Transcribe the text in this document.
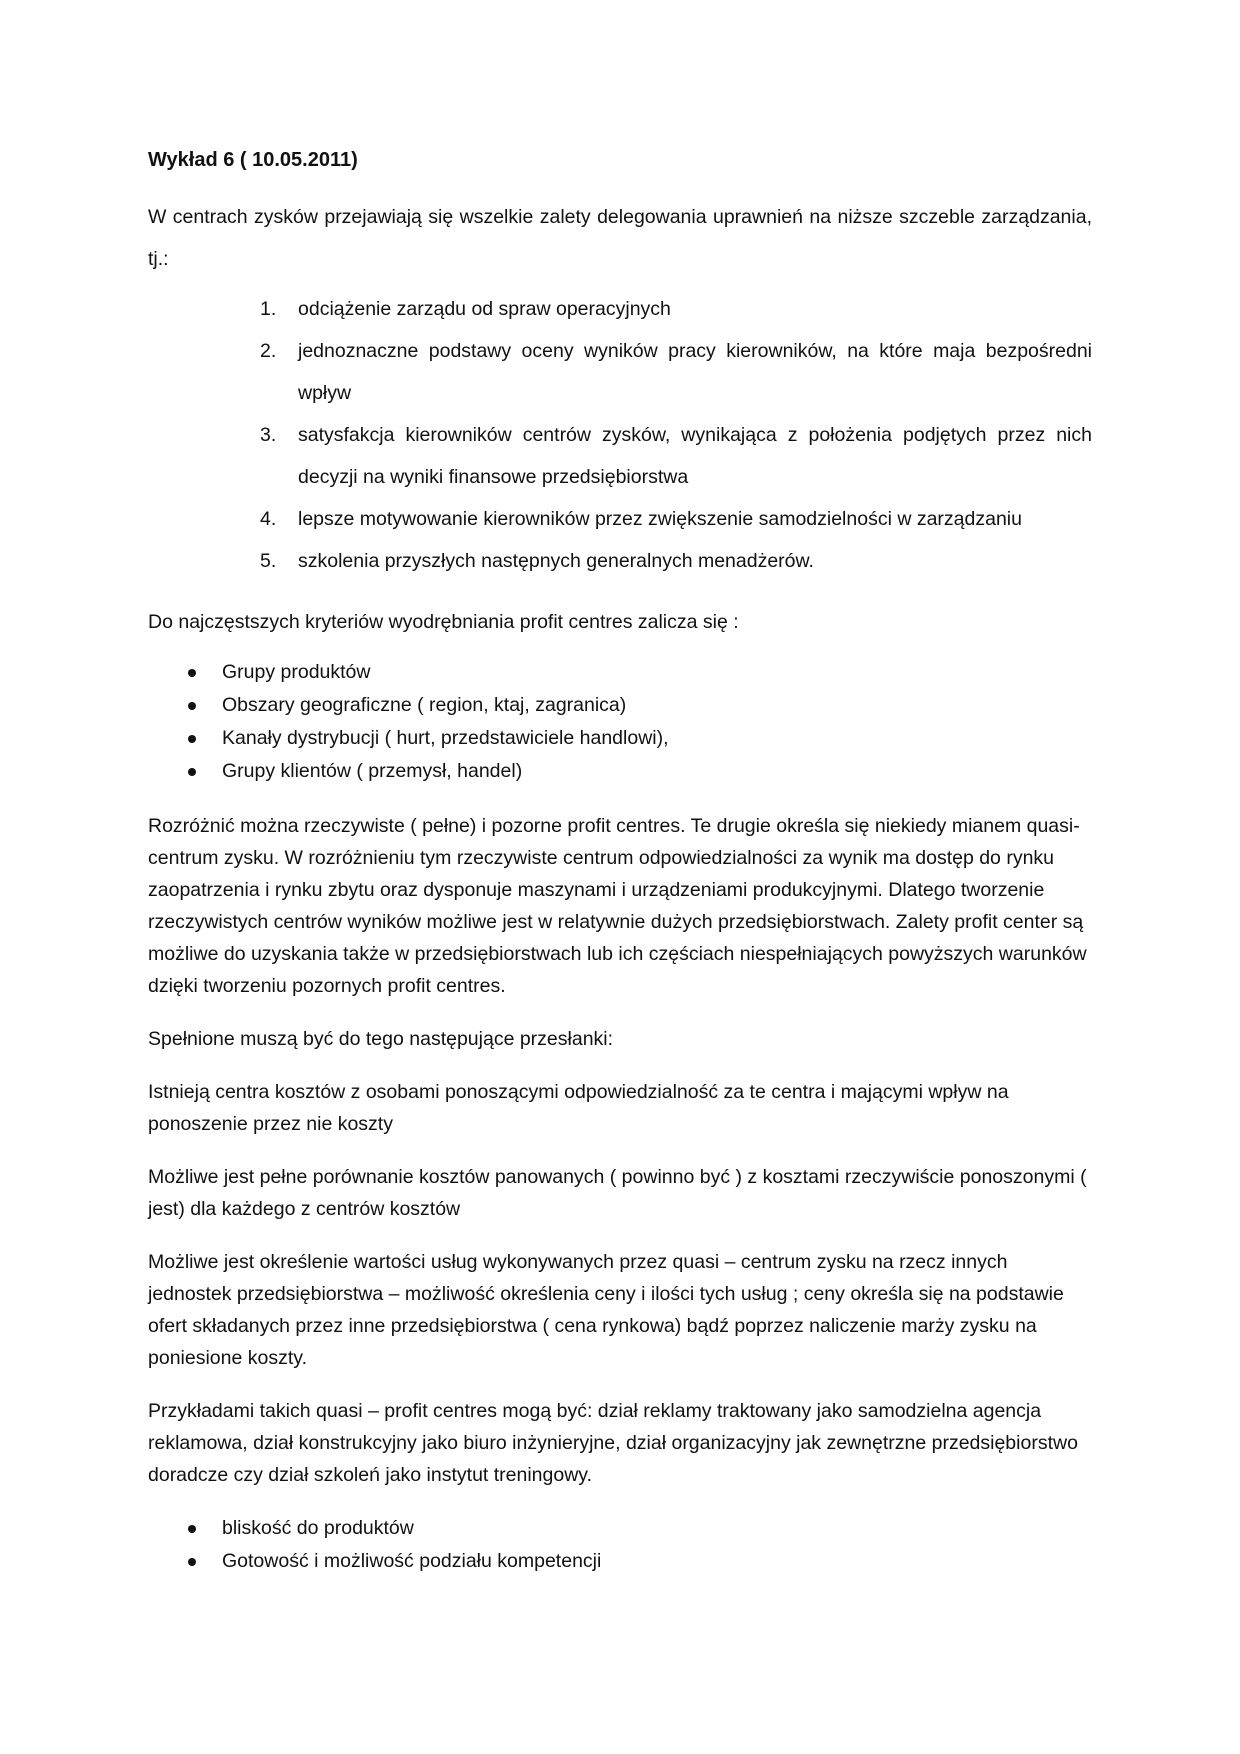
Wykład 6 ( 10.05.2011)
W centrach zysków przejawiają się wszelkie zalety delegowania uprawnień na niższe szczeble zarządzania, tj.:
1.	odciążenie zarządu od spraw operacyjnych
2.	jednoznaczne podstawy oceny wyników pracy kierowników, na które maja bezpośredni wpływ
3.	satysfakcja kierowników centrów zysków, wynikająca z położenia podjętych przez nich decyzji na wyniki finansowe przedsiębiorstwa
4.	lepsze motywowanie kierowników przez zwiększenie samodzielności w zarządzaniu
5.	szkolenia przyszłych następnych generalnych menadżerów.
Do najczęstszych kryteriów wyodrębniania profit centres zalicza się :
Grupy produktów
Obszary geograficzne ( region, ktaj, zagranica)
Kanały dystrybucji ( hurt, przedstawiciele handlowi),
Grupy klientów ( przemysł, handel)

Rozróżnić można rzeczywiste ( pełne) i pozorne profit centres. Te drugie określa się niekiedy mianem quasi-centrum zysku. W rozróżnieniu tym rzeczywiste centrum odpowiedzialności za wynik ma dostęp do rynku zaopatrzenia i rynku zbytu oraz dysponuje maszynami i urządzeniami produkcyjnymi. Dlatego tworzenie rzeczywistych centrów wyników możliwe jest w relatywnie dużych przedsiębiorstwach. Zalety profit center są możliwe do uzyskania także w przedsiębiorstwach lub ich częściach niespełniających powyższych warunków dzięki tworzeniu pozornych profit centres.

Spełnione muszą być do tego następujące przesłanki:

Istnieją centra kosztów z osobami ponoszącymi odpowiedzialność za te centra i mającymi wpływ na ponoszenie przez nie koszty

Możliwe jest pełne porównanie kosztów panowanych ( powinno być ) z kosztami rzeczywiście ponoszonymi ( jest) dla każdego z centrów kosztów

Możliwe jest określenie wartości usług wykonywanych przez quasi – centrum zysku na rzecz innych jednostek przedsiębiorstwa – możliwość określenia ceny i ilości tych usług ; ceny określa się na podstawie ofert składanych przez inne przedsiębiorstwa ( cena rynkowa) bądź poprzez naliczenie marży zysku na poniesione koszty.

Przykładami takich quasi – profit centres mogą być: dział reklamy traktowany jako samodzielna agencja reklamowa, dział konstrukcyjny jako biuro inżynieryjne, dział organizacyjny jak zewnętrzne przedsiębiorstwo doradcze czy dział szkoleń jako instytut treningowy.

bliskość do produktów
Gotowość i możliwość podziału kompetencji
